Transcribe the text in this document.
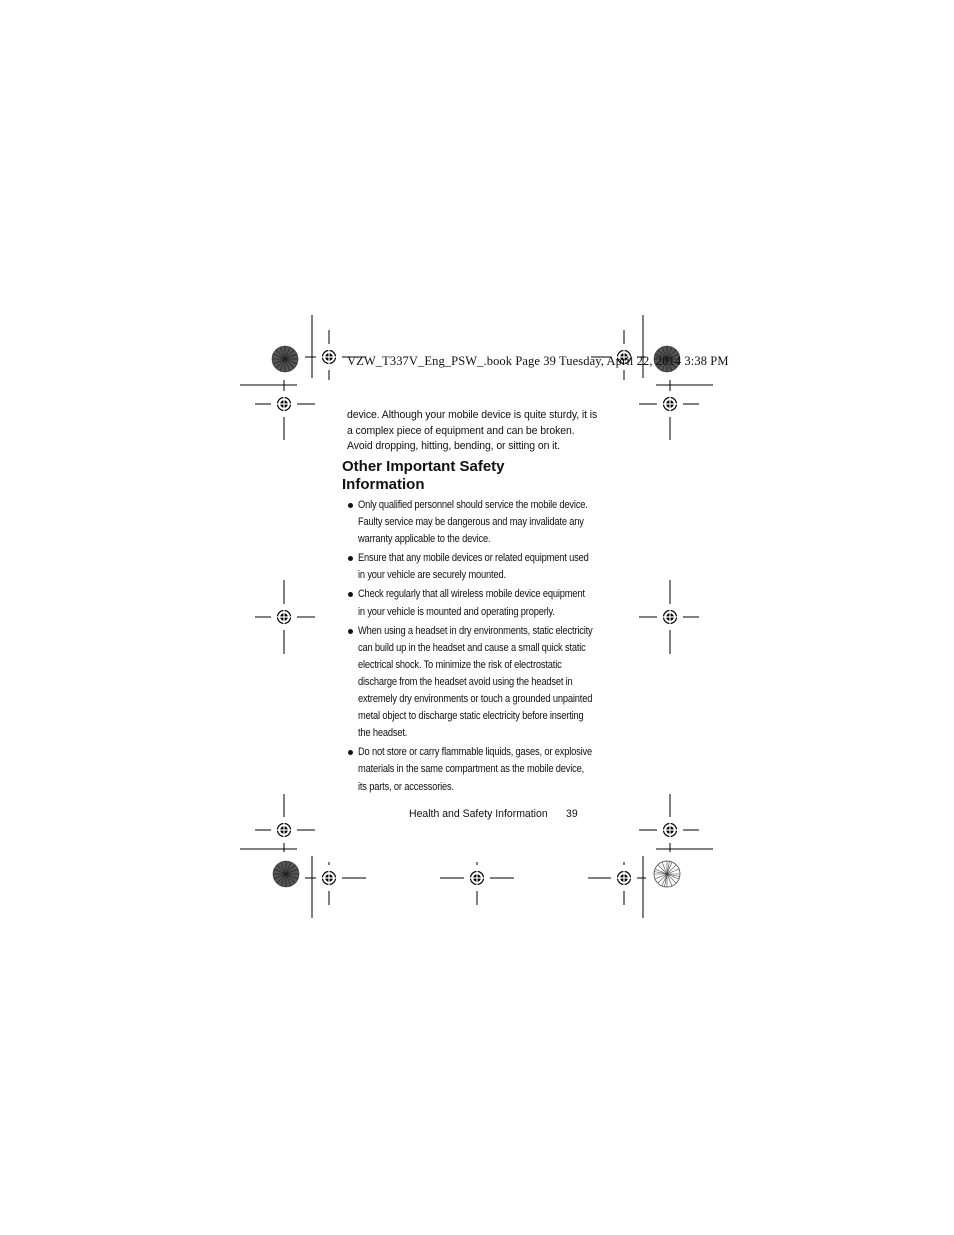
VZW_T337V_Eng_PSW_.book Page 39 Tuesday, April 22, 2014 3:38 PM
device. Although your mobile device is quite sturdy, it is
a complex piece of equipment and can be broken.
Avoid dropping, hitting, bending, or sitting on it.
Other Important Safety
Information
Only qualified personnel should service the mobile device.
Faulty service may be dangerous and may invalidate any
warranty applicable to the device.
Ensure that any mobile devices or related equipment used
in your vehicle are securely mounted.
Check regularly that all wireless mobile device equipment
in your vehicle is mounted and operating properly.
When using a headset in dry environments, static electricity
can build up in the headset and cause a small quick static
electrical shock. To minimize the risk of electrostatic
discharge from the headset avoid using the headset in
extremely dry environments or touch a grounded unpainted
metal object to discharge static electricity before inserting
the headset.
Do not store or carry flammable liquids, gases, or explosive
materials in the same compartment as the mobile device,
its parts, or accessories.
Health and Safety Information 39
